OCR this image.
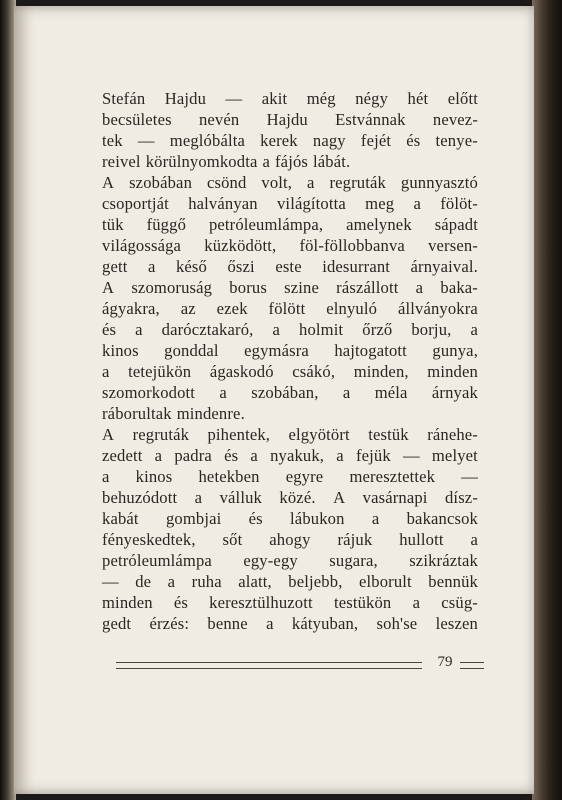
Stefán Hajdu — akit még négy hét előtt
becsületes nevén Hajdu Estvánnak nevez-
tek — meglóbálta kerek nagy fejét és tenye-
reivel körülnyomkodta a fájós lábát.
A szobában csönd volt, a regruták gunnyasztó
csoportját halványan világította meg a fölöt-
tük függő petróleumlámpa, amelynek sápadt
világossága küzködött, föl-föllobbanva versen-
gett a késő őszi este idesurrant árnyaival.
A szomoruság borus szine rászállott a baka-
ágyakra, az ezek fölött elnyuló állványokra
és a darócztakaró, a holmit őrző borju, a
kinos gonddal egymásra hajtogatott gunya,
a tetejükön ágaskodó csákó, minden, minden
szomorkodott a szobában, a méla árnyak
ráborultak mindenre.
A regruták pihentek, elgyötört testük ránehe-
zedett a padra és a nyakuk, a fejük — melyet
a kinos hetekben egyre meresztettek —
behuzódott a válluk közé. A vasárnapi dísz-
kabát gombjai és lábukon a bakancsok
fényeskedtek, sőt ahogy rájuk hullott a
petróleumlámpa egy-egy sugara, szikráztak
— de a ruha alatt, beljebb, elborult bennük
minden és keresztülhuzott testükön a csüg-
gedt érzés: benne a kátyuban, soh'se leszen
79
